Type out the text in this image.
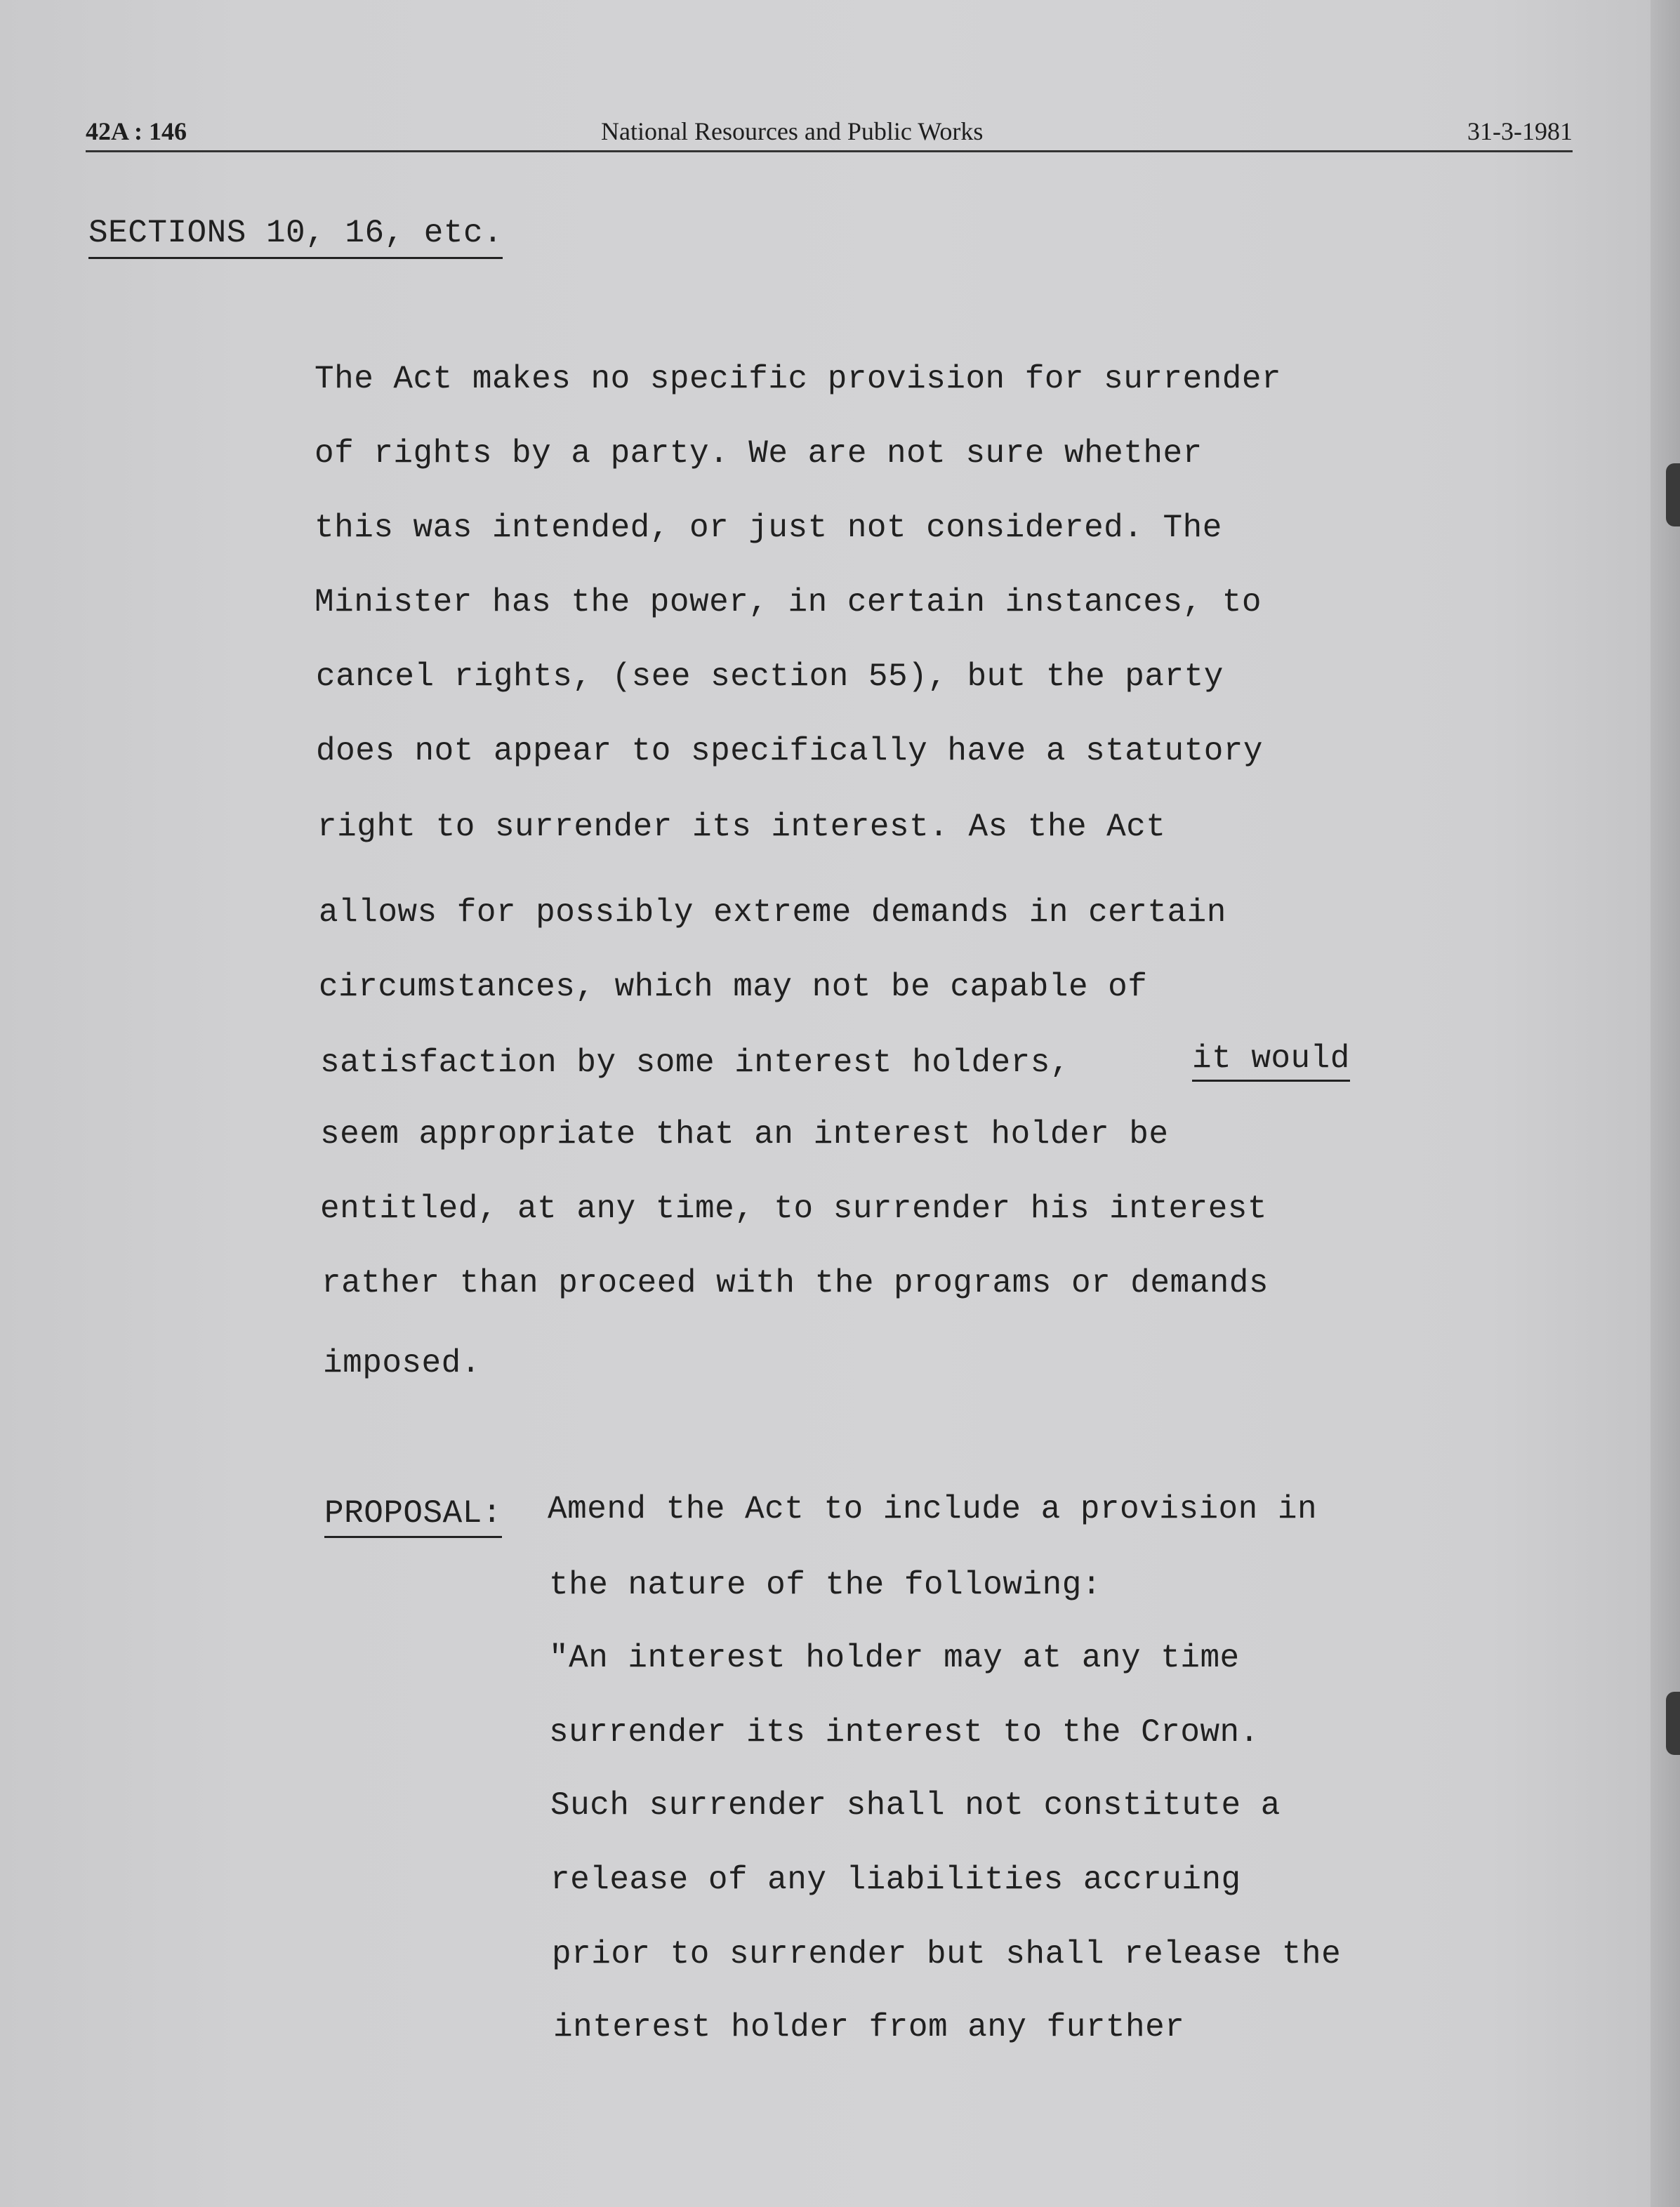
42A : 146	National Resources and Public Works	31-3-1981
SECTIONS 10, 16, etc.
The Act makes no specific provision for surrender
of rights by a party. We are not sure whether
this was intended, or just not considered. The
Minister has the power, in certain instances, to
cancel rights, (see section 55), but the party
does not appear to specifically have a statutory
right to surrender its interest. As the Act
allows for possibly extreme demands in certain
circumstances, which may not be capable of
satisfaction by some interest holders,	it would
seem appropriate that an interest holder be
entitled, at any time, to surrender his interest
rather than proceed with the programs or demands
imposed.
PROPOSAL: Amend the Act to include a provision in
the nature of the following:
"An interest holder may at any time
surrender its interest to the Crown.
Such surrender shall not constitute a
release of any liabilities accruing
prior to surrender but shall release the
interest holder from any further
